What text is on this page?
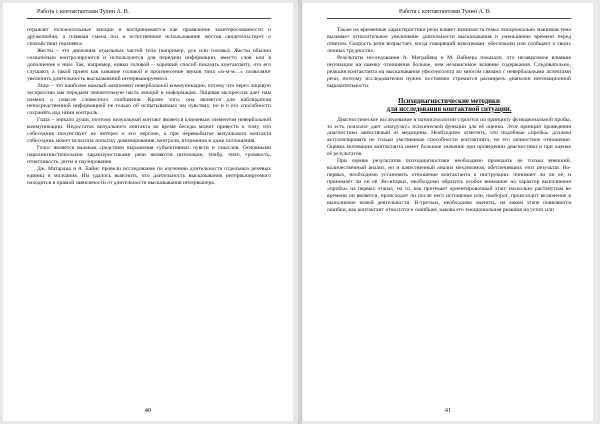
Работа с контактантами Тулин А. В.

отражает положительные эмоции и воспринимается как проявление заинтересованности и дружелюбия, а плавная смена поз и естественное использование жестов свидетельствует о спокойствии терапевта.

Жесты – это движения отдельных частей тела (например, рук или головы). Жесты обычно сознательно контролируются и используются для передачи информации, вместо слов или в дополнение к ним. Так, например, кивки головой – хороший способ показать контактанту, что его слушают, а такой прием как кивание головой и произнесение звуков типа «м-м-м…» позволяют увеличить длительность высказываний интервьюируемого.

Лицо – это наиболее важный компонент невербальной коммуникации, потому что через лицевую экспрессию мы передаем значительную часть эмоций и информации. Лицевая экспрессия дает нам намеки о смысле словесного сообщения. Кроме того, она является для наблюдателя непосредственной информацией не только об испытываемых им чувствах, но и о его способности сохранять над ними контроль.

Глаза – зеркало души, поэтому визуальный контакт является ключевым элементом невербальной коммуникации. Недостаток визуального контакта во время беседы может привести к тому, что собеседник почувствует не интерес к его персоне, а при перевыбытке визуального контакта собеседник может испытать попытку доминирования, контроля, вторжения и даже поглощения.

Голос является важным средством выражения субъективных чувств и смыслов. Основными паралингвистическими характеристиками речи являются интонация, тембр, темп, громкость, отчетливость, ритм и паузирование.

Дж. Матарацо и А. Вайнс провели исследование по изучению длительности отдельных речевых единиц и молчания. Им удалось выяснить, что длительность высказывания интервьюируемого находится в прямой зависимости от длительности высказывания интервьюера.

40
Работа с контактантами Тулин А. В.

Также на временные характеристики речи влияет значимость темы: эмоционально значимая тема вызывает относительное увеличение длительности высказывания и уменьшение времени перед ответом. Скорость речи возрастает, когда говорящий взволнован, обеспокоен или сообщает о своих личных трудностях.

Результаты исследования А. Меграбяна и М. Вайнера показали, что независимое влияние интонации на оценку отношения больше, чем независимое влияние содержания. Следовательно, реакция контактанта на высказывания уфосенсолога во многом связана с невербальными аспектами речи, поэтому исследователем нужно постоянно стремится расширять диапазон интонационной выразительности.

Психодиагностические методики
для исследования контактной ситуации.

Диагностическое исследование в патопсихологии строится по принципу функциональной пробы, то есть психолог дает «нагрузку» психической функции для её оценки. Этот принцип проведения диагностики заимствован из медицины. Необходимо отметить, что подобные «пробы» должны актуализировать не только умственные способности контактанта, но его личностное отношение. Оценка мотивации контактанта имеет большое значение при проведении диагностики и при оценке её результатов.

При оценке результатов психодиагностики необходимо проводить не только внешний, количественный анализ, но и качественный анализ механизмов, обеспечивших этот результат. Во-первых, необходимо установить отношение контактанта к инструкции: понимает ли он её, и принимает ли он её. Во-вторых, необходимо обратить особое внимание на характер выполнения «пробы» на первых этапах, на то, как протекает ориентировочный этап: насколько растянутым во времени он является, происходит ли после него истощение или, наоборот, происходит включение в выполнение новой деятельности. В-третьих, необходимо оценить, на каком этапе появляются ошибки, как контактант относится к ошибкам, какова его эмоциональная реакция на успех или

41
